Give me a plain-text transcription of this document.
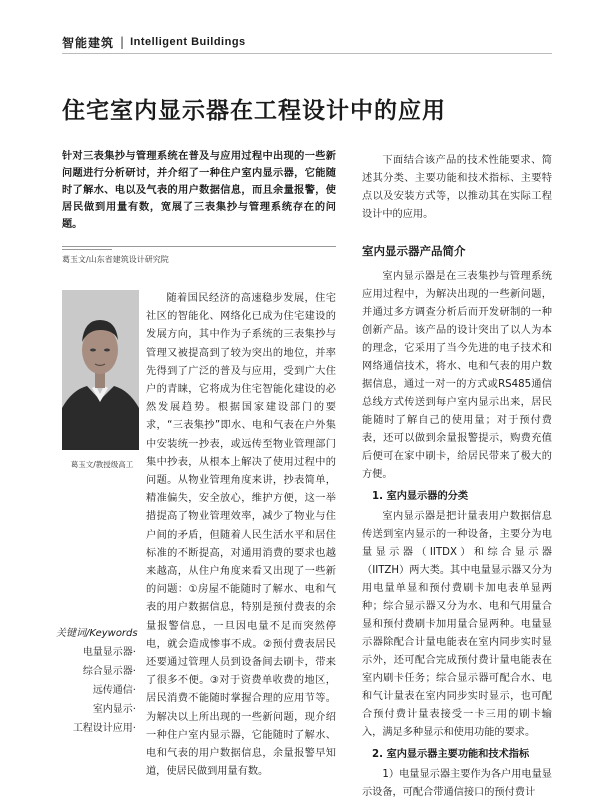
智能建筑 | Intelligent Buildings
住宅室内显示器在工程设计中的应用
针对三表集抄与管理系统在普及与应用过程中出现的一些新问题进行分析研讨，并介绍了一种住户室内显示器，它能随时了解水、电以及气表的用户数据信息，而且余量报警，使居民做到用量有数，宽展了三表集抄与管理系统存在的问题。
葛玉文/山东省建筑设计研究院
葛玉文/教授级高工

随着国民经济的高速稳步发展，住宅社区的智能化、网络化已成为住宅建设的发展方向，其中作为子系统的三表集抄与管理又被提高到了较为突出的地位，并率先得到了广泛的普及与应用，受到广大住户的青睐，它将成为住宅智能化建设的必然发展趋势。根据国家建设部门的要求，“三表集抄”即水、电和气表在户外集中安装统一抄表，或远传至物业管理部门集中抄表，从根本上解决了使用过程中的问题。从物业管理角度来讲，抄表简单，精准偏失，安全放心，维护方便，这一举措提高了物业管理效率，减少了物业与住户间的矛盾，但随着人民生活水平和居住标准的不断提高，对通用消费的要求也越来越高，从住户角度来看又出现了一些新的问题：①房屋不能随时了解水、电和气表的用户数据信息，特别是预付费表的余量报警信息，一旦因电量不足而突然停电，就会造成惨事不成。②预付费表居民还要通过管理人员到设备间去刷卡，带来了很多不便。③对于资费单收费的地区，居民消费不能随时掌握合理的应用节等。为解决以上所出现的一些新问题，现介绍一种住户室内显示器，它能随时了解水、电和气表的用户数据信息，余量报警早知道，使居民做到用量有数。

关键词/Keywords
电量显示器·
综合显示器·
远传通信·
室内显示·
工程设计应用·

下面结合该产品的技术性能要求、简述其分类、主要功能和技术指标、主要特点以及安装方式等，以推动其在实际工程设计中的应用。

室内显示器产品简介

室内显示器是在三表集抄与管理系统应用过程中，为解决出现的一些新问题，并通过多方调查分析后而开发研制的一种创新产品。该产品的设计突出了以人为本的理念，它采用了当今先进的电子技术和网络通信技术，将水、电和气表的用户数据信息，通过一对一的方式或RS485通信总线方式传送到每户室内显示出来，居民能随时了解自己的使用量；对于预付费表，还可以做到余量报警提示，购费充值后便可在家中刷卡，给居民带来了极大的方便。

1. 室内显示器的分类

室内显示器是把计量表用户数据信息传送到室内显示的一种设备，主要分为电量显示器（IITDX）和综合显示器（IITZH）两大类。其中电量显示器又分为用电量单显和预付费刷卡加电表单显两种；综合显示器又分为水、电和气用量合显和预付费刷卡加用量合显两种。电量显示器除配合计量电能表在室内同步实时显示外，还可配合完成预付费计量电能表在室内刷卡任务；综合显示器可配合水、电和气计量表在室内同步实时显示，也可配合预付费计量表接受一卡三用的刷卡输入，满足多种显示和使用功能的要求。

2. 室内显示器主要功能和技术指标

1）电量显示器主要作为各户用电量显示设备，可配合带通信接口的预付费计
